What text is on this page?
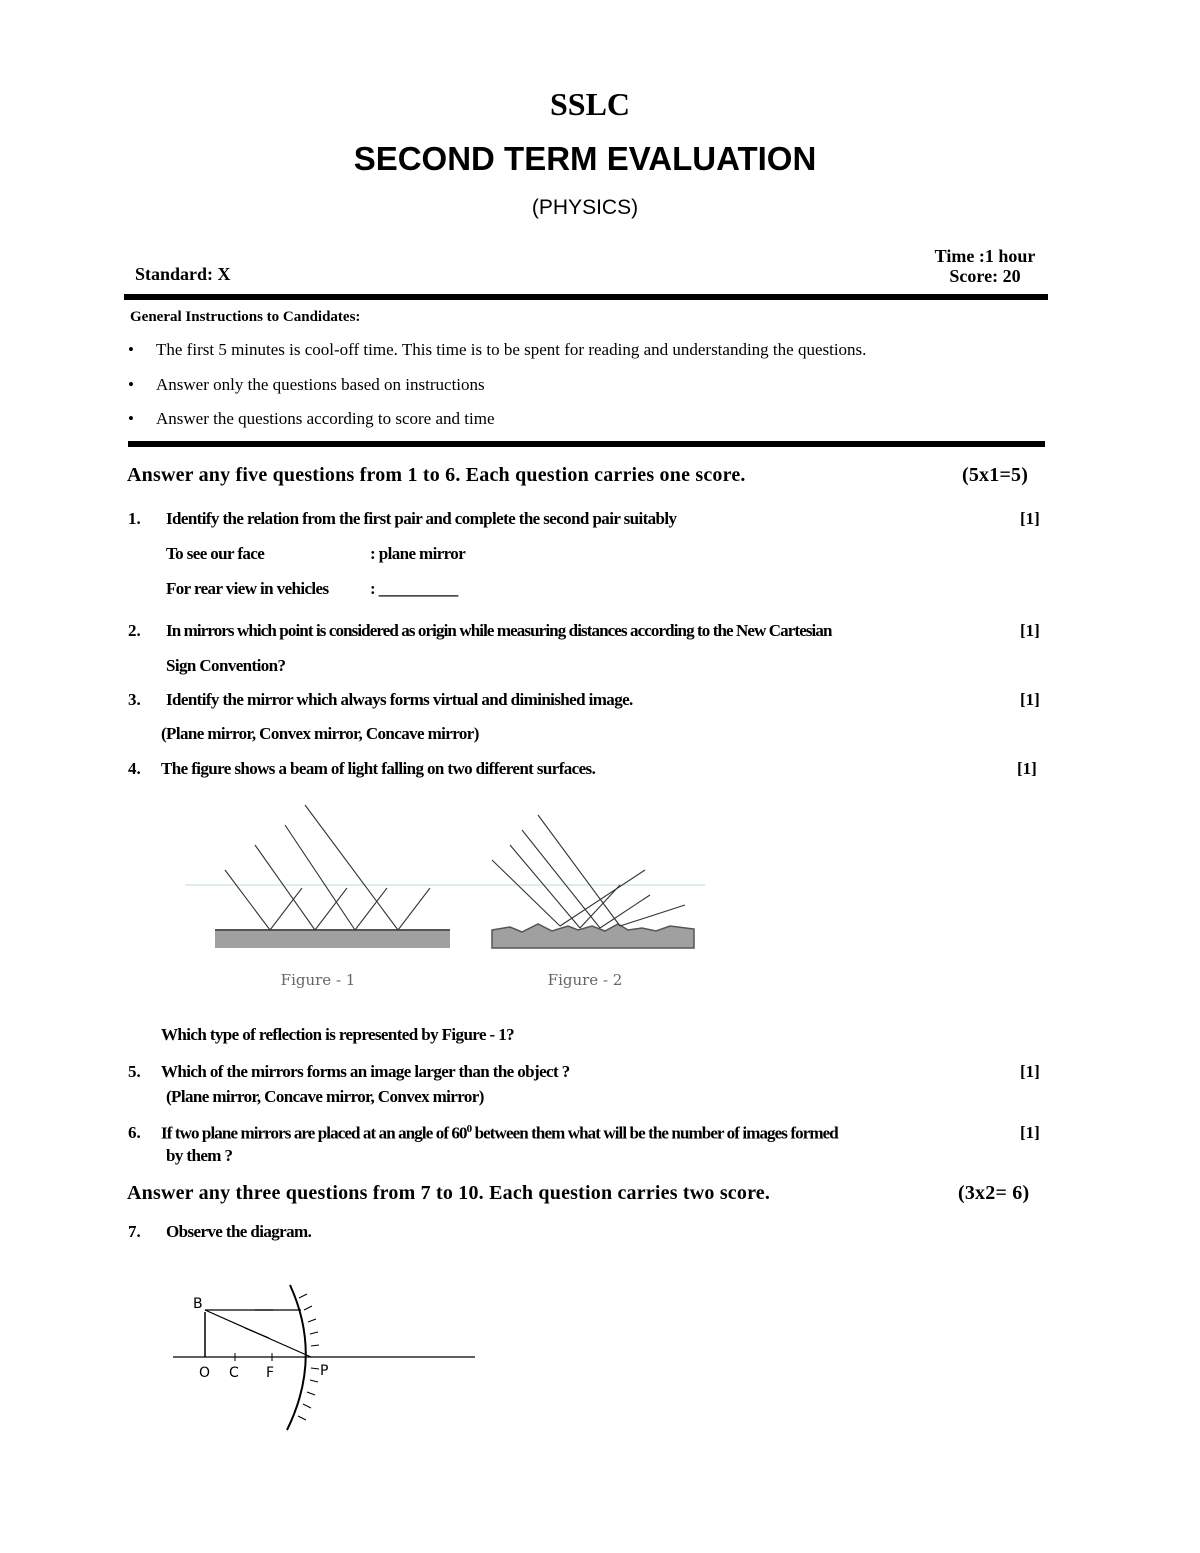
SSLC
SECOND TERM EVALUATION
(PHYSICS)
Standard: X
Time :1 hour
Score: 20
General Instructions to Candidates:
• The first 5 minutes is cool-off time. This time is to be spent for reading and understanding the questions.
• Answer only the questions based on instructions
• Answer the questions according to score and time
Answer any five questions from 1 to 6. Each question carries one score.	(5x1=5)
1. Identify the relation from the first pair and complete the second pair suitably	[1]
To see our face	: plane mirror
For rear view in vehicles : __________
2. In mirrors which point is considered as origin while measuring distances according to the New Cartesian	[1]
Sign Convention?
3. Identify the mirror which always forms virtual and diminished image.	[1]
(Plane mirror, Convex mirror, Concave mirror)
4. The figure shows a beam of light falling on two different surfaces.	[1]
Figure - 1	Figure - 2
Which type of reflection is represented by Figure - 1?
5. Which of the mirrors forms an image larger than the object ?	[1]
(Plane mirror, Concave mirror, Convex mirror)
6. If two plane mirrors are placed at an angle of $60^0$ between them what will be the number of images formed	[1]
by them ?
Answer any three questions from 7 to 10. Each question carries two score.	(3x2= 6)
7. Observe the diagram.
B
O C F	P
